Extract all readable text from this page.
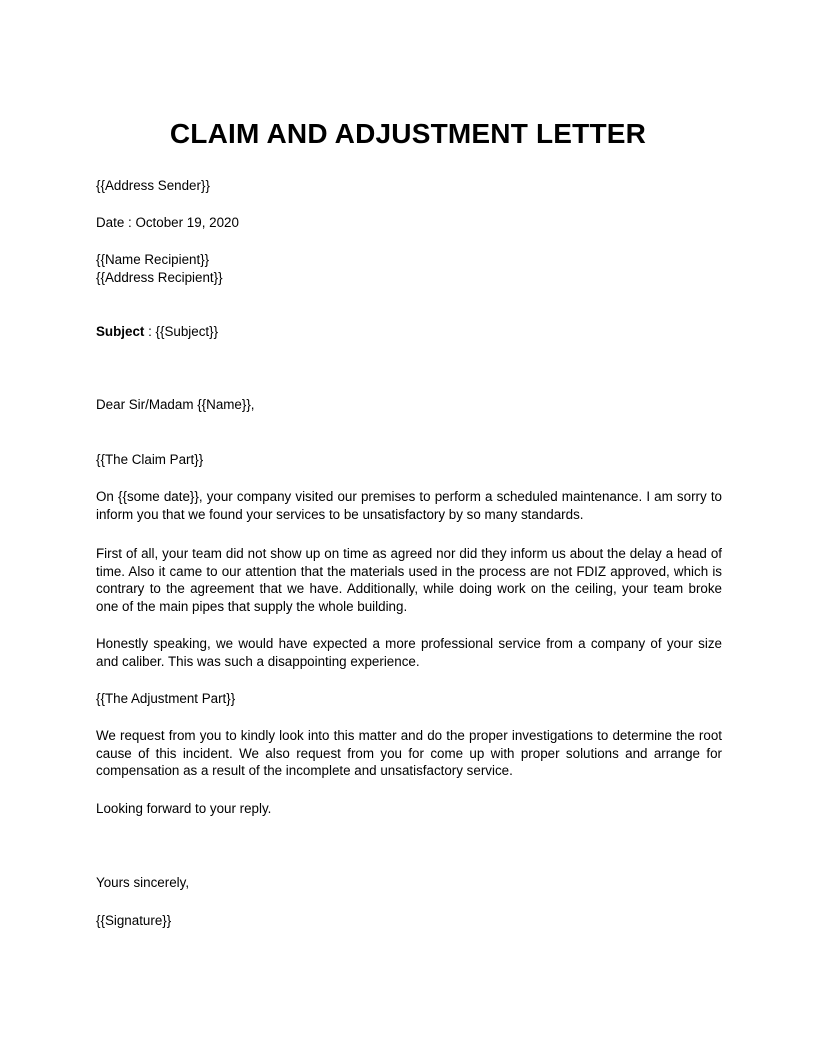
CLAIM AND ADJUSTMENT LETTER
{{Address Sender}}
Date : October 19, 2020
{{Name Recipient}}
{{Address Recipient}}
Subject : {{Subject}}
Dear Sir/Madam {{Name}},
{{The Claim Part}}
On {{some date}}, your company visited our premises to perform a scheduled maintenance. I am sorry to inform you that we found your services to be unsatisfactory by so many standards.
First of all, your team did not show up on time as agreed nor did they inform us about the delay a head of time. Also it came to our attention that the materials used in the process are not FDIZ approved, which is contrary to the agreement that we have. Additionally, while doing work on the ceiling, your team broke one of the main pipes that supply the whole building.
Honestly speaking, we would have expected a more professional service from a company of your size and caliber. This was such a disappointing experience.
{{The Adjustment Part}}
We request from you to kindly look into this matter and do the proper investigations to determine the root cause of this incident. We also request from you for come up with proper solutions and arrange for compensation as a result of the incomplete and unsatisfactory service.
Looking forward to your reply.
Yours sincerely,
{{Signature}}
